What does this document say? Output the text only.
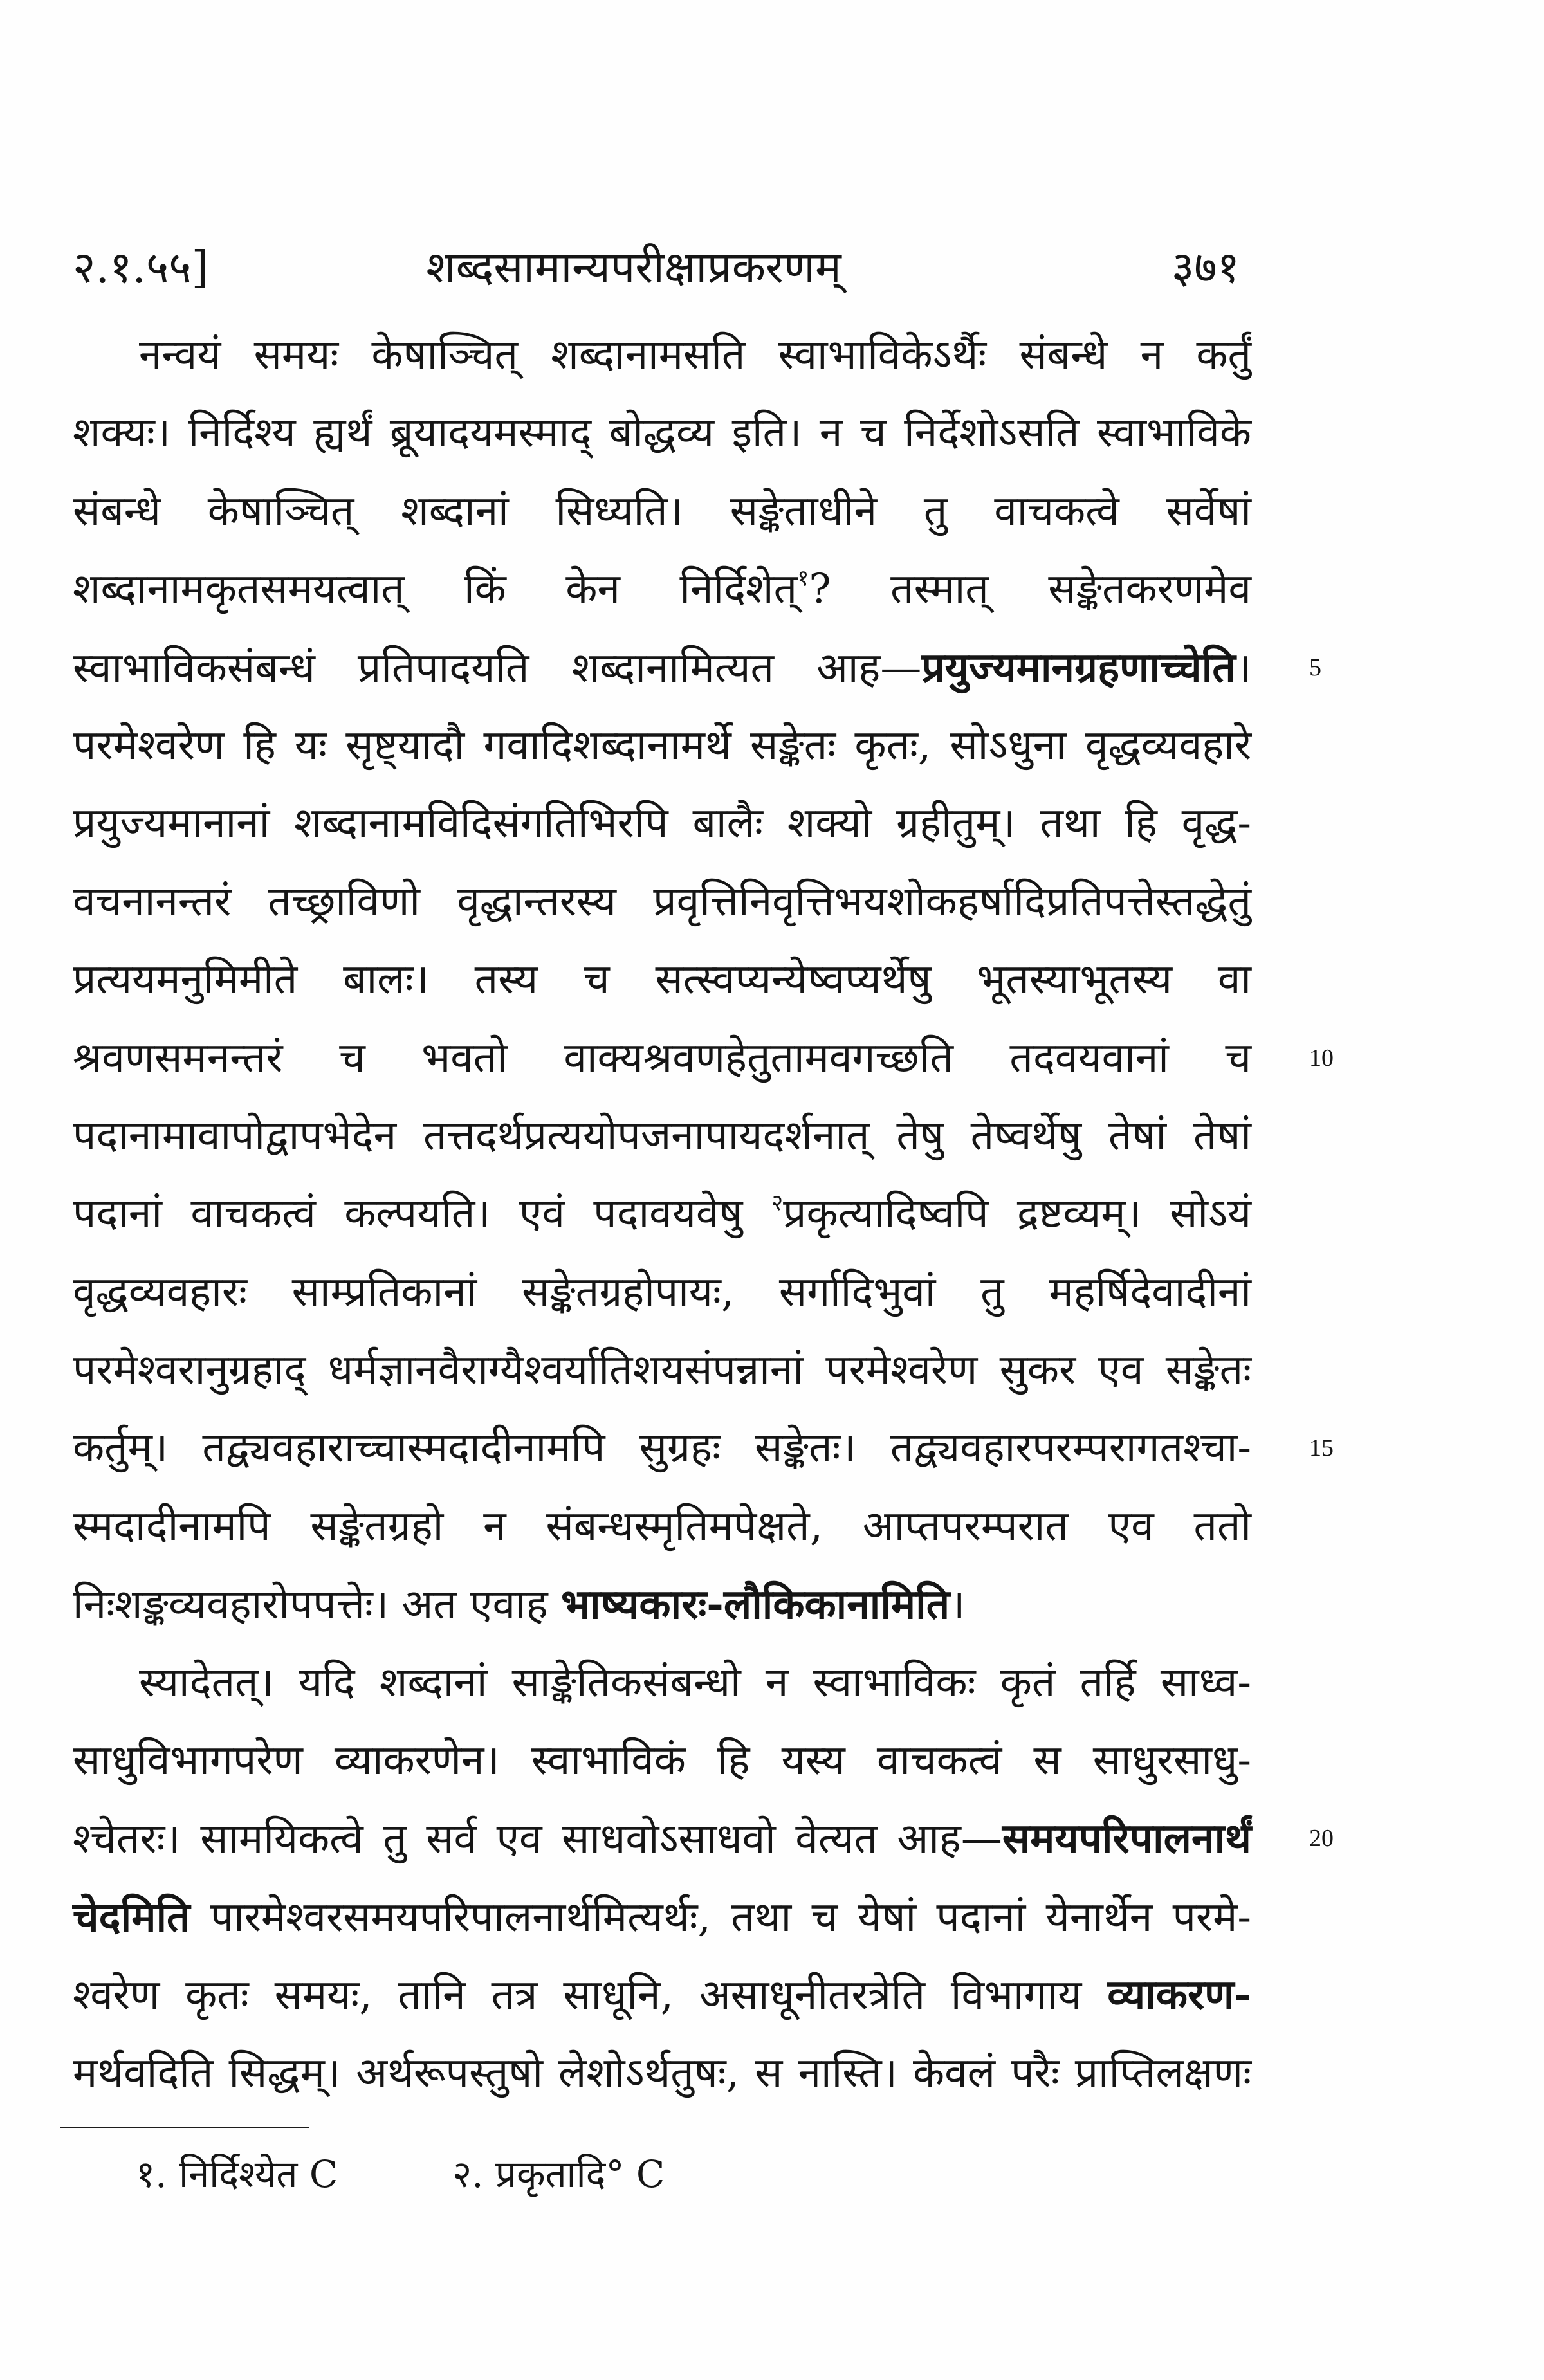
२.१.५५]	शब्दसामान्यपरीक्षाप्रकरणम्	३७१
नन्वयं समयः केषाञ्चित् शब्दानामसति स्वाभाविकेऽर्थैः संबन्धे न कर्तुं
शक्यः। निर्दिश्य ह्यर्थं ब्रूयादयमस्माद् बोद्धव्य इति। न च निर्देशोऽसति स्वाभाविके
संबन्धे केषाञ्चित् शब्दानां सिध्यति। सङ्केताधीने तु वाचकत्वे सर्वेषां
शब्दानामकृतसमयत्वात् किं केन निर्दिशेत्$^१$? तस्मात् सङ्केतकरणमेव
स्वाभाविकसंबन्धं प्रतिपादयति शब्दानामित्यत आह—प्रयुज्यमानग्रहणाच्चेति। 5
परमेश्वरेण हि यः सृष्ट्यादौ गवादिशब्दानामर्थे सङ्केतः कृतः, सोऽधुना वृद्धव्यवहारे
प्रयुज्यमानानां शब्दानामविदिसंगतिभिरपि बालैः शक्यो ग्रहीतुम्। तथा हि वृद्ध-
वचनानन्तरं तच्छ्राविणो वृद्धान्तरस्य प्रवृत्तिनिवृत्तिभयशोकहर्षादिप्रतिपत्तेस्तद्धेतुं
प्रत्ययमनुमिमीते बालः। तस्य च सत्स्वप्यन्येष्वप्यर्थेषु भूतस्याभूतस्य वा
श्रवणसमनन्तरं च भवतो वाक्यश्रवणहेतुतामवगच्छति तदवयवानां च 10
पदानामावापोद्वापभेदेन तत्तदर्थप्रत्ययोपजनापायदर्शनात् तेषु तेष्वर्थेषु तेषां तेषां
पदानां वाचकत्वं कल्पयति। एवं पदावयवेषु $^२$प्रकृत्यादिष्वपि द्रष्टव्यम्। सोऽयं
वृद्धव्यवहारः साम्प्रतिकानां सङ्केतग्रहोपायः, सर्गादिभुवां तु महर्षिदेवादीनां
परमेश्वरानुग्रहाद् धर्मज्ञानवैराग्यैश्वर्यातिशयसंपन्नानां परमेश्वरेण सुकर एव सङ्केतः
कर्तुम्। तद्व्यवहाराच्चास्मदादीनामपि सुग्रहः सङ्केतः। तद्व्यवहारपरम्परागतश्चा- 15
स्मदादीनामपि सङ्केतग्रहो न संबन्धस्मृतिमपेक्षते, आप्तपरम्परात एव ततो
निःशङ्कव्यवहारोपपत्तेः। अत एवाह भाष्यकारः-लौकिकानामिति।
स्यादेतत्। यदि शब्दानां साङ्केतिकसंबन्धो न स्वाभाविकः कृतं तर्हि साध्व-
साधुविभागपरेण व्याकरणेन। स्वाभाविकं हि यस्य वाचकत्वं स साधुरसाधु-
श्चेतरः। सामयिकत्वे तु सर्व एव साधवोऽसाधवो वेत्यत आह—समयपरिपालनार्थं 20
चेदमिति पारमेश्वरसमयपरिपालनार्थमित्यर्थः, तथा च येषां पदानां येनार्थेन परमे-
श्वरेण कृतः समयः, तानि तत्र साधूनि, असाधूनीतरत्रेति विभागाय व्याकरण-
मर्थवदिति सिद्धम्। अर्थरूपस्तुषो लेशोऽर्थतुषः, स नास्ति। केवलं परैः प्राप्तिलक्षणः
१. निर्दिश्येत C	२. प्रकृतादि° C
